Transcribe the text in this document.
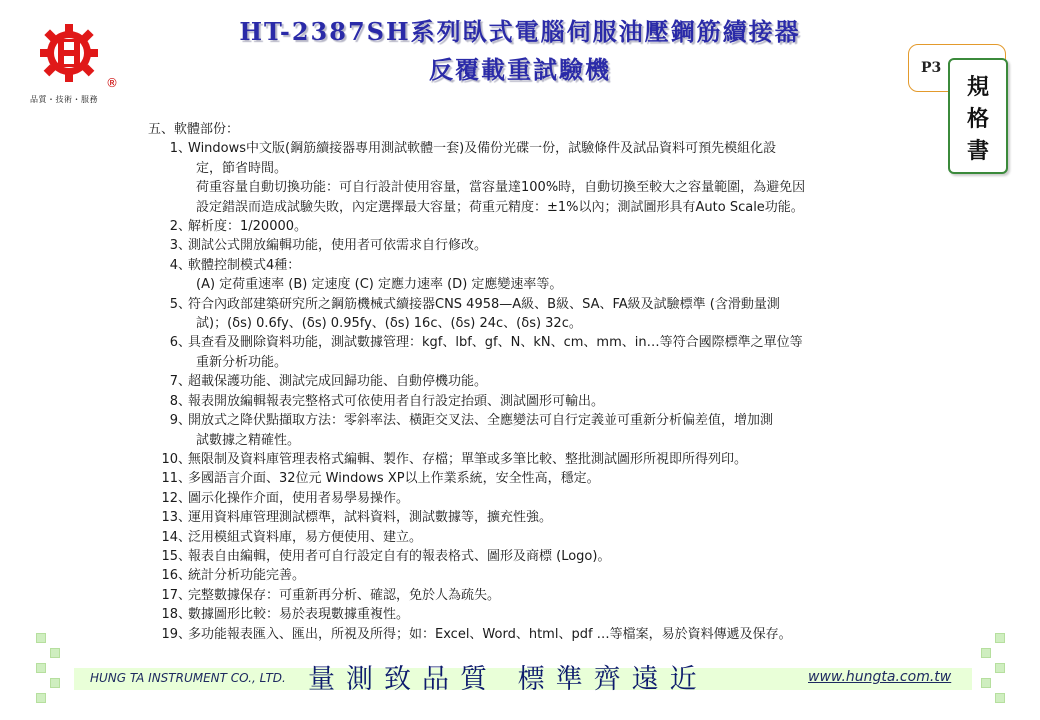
®
品質・技術・服務
HT-2387SH系列臥式電腦伺服油壓鋼筋續接器
反覆載重試驗機	P3
規
格
書
五、軟體部份：
1 、
Windows中文版(鋼筋續接器專用測試軟體一套)及備份光碟一份，試驗條件及試品資料可預先模組化設
定，節省時間。
荷重容量自動切換功能：可自行設計使用容量，當容量達100%時，自動切換至較大之容量範圍，為避免因
設定錯誤而造成試驗失敗，內定選擇最大容量；荷重元精度：±1%以內；測試圖形具有Auto Scale功能。
2 、
解析度：1/20000。
3 、
測試公式開放編輯功能，使用者可依需求自行修改。
4 、
軟體控制模式4種：
(A) 定荷重速率 (B) 定速度 (C) 定應力速率 (D) 定應變速率等。
5 、
符合內政部建築研究所之鋼筋機械式續接器CNS 4958—A級、B級、SA、FA級及試驗標準 (含滑動量測
試)；(δs) 0.6fy、(δs) 0.95fy、(δs) 16c、(δs) 24c、(δs) 32c。
6 、
具查看及刪除資料功能，測試數據管理：kgf、lbf、gf、N、kN、cm、mm、in…等符合國際標準之單位等
重新分析功能。
7 、
超載保護功能、測試完成回歸功能、自動停機功能。
8 、
報表開放編輯報表完整格式可依使用者自行設定抬頭、測試圖形可輸出。
9 、
開放式之降伏點擷取方法：零斜率法、橫距交叉法、全應變法可自行定義並可重新分析偏差值，增加測
試數據之精確性。
10 、
無限制及資料庫管理表格式編輯、製作、存檔；單筆或多筆比較、整批測試圖形所視即所得列印。
11 、
多國語言介面、32位元 Windows XP以上作業系統，安全性高，穩定。
12 、
圖示化操作介面，使用者易學易操作。
13 、
運用資料庫管理測試標準，試料資料，測試數據等，擴充性強。
14 、
泛用模組式資料庫，易方便使用、建立。
15 、
報表自由編輯，使用者可自行設定自有的報表格式、圖形及商標 (Logo)。
16 、
統計分析功能完善。
17 、
完整數據保存：可重新再分析、確認，免於人為疏失。
18 、
數據圖形比較：易於表現數據重複性。
19 、
多功能報表匯入、匯出，所視及所得；如：Excel、Word、html、pdf …等檔案，易於資料傳遞及保存。
HUNG TA INSTRUMENT CO., LTD. 量測致品質 標準齊遠近	www.hungta.com.tw
